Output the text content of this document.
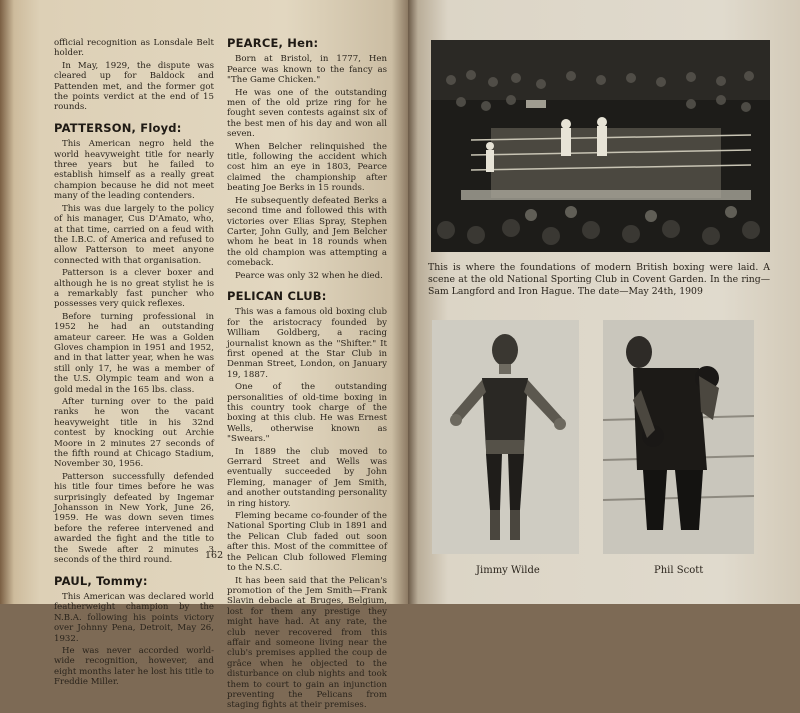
official recognition as Lonsdale Belt holder.

In May, 1929, the dispute was cleared up for Baldock and Pattenden met, and the former got the points verdict at the end of 15 rounds.

PATTERSON, Floyd:

This American negro held the world heavyweight title for nearly three years but he failed to establish himself as a really great champion because he did not meet many of the leading contenders.

This was due largely to the policy of his manager, Cus D'Amato, who, at that time, carried on a feud with the I.B.C. of America and refused to allow Patterson to meet anyone connected with that organisation.

Patterson is a clever boxer and although he is no great stylist he is a remarkably fast puncher who possesses very quick reflexes.

Before turning professional in 1952 he had an outstanding amateur career. He was a Golden Gloves champion in 1951 and 1952, and in that latter year, when he was still only 17, he was a member of the U.S. Olympic team and won a gold medal in the 165 lbs. class.

After turning over to the paid ranks he won the vacant heavyweight title in his 32nd contest by knocking out Archie Moore in 2 minutes 27 seconds of the fifth round at Chicago Stadium, November 30, 1956.

Patterson successfully defended his title four times before he was surprisingly defeated by Ingemar Johansson in New York, June 26, 1959. He was down seven times before the referee intervened and awarded the fight and the title to the Swede after 2 minutes 3 seconds of the third round.

PAUL, Tommy:

This American was declared world featherweight champion by the N.B.A. following his points victory over Johnny Pena, Detroit, May 26, 1932.

He was never accorded world-wide recognition, however, and eight months later he lost his title to Freddie Miller.

PEARCE, Hen:

Born at Bristol, in 1777, Hen Pearce was known to the fancy as "The Game Chicken."

He was one of the outstanding men of the old prize ring for he fought seven contests against six of the best men of his day and won all seven.

When Belcher relinquished the title, following the accident which cost him an eye in 1803, Pearce claimed the championship after beating Joe Berks in 15 rounds.

He subsequently defeated Berks a second time and followed this with victories over Elias Spray, Stephen Carter, John Gully, and Jem Belcher whom he beat in 18 rounds when the old champion was attempting a comeback.

Pearce was only 32 when he died.

PELICAN CLUB:

This was a famous old boxing club for the aristocracy founded by William Goldberg, a racing journalist known as the "Shifter." It first opened at the Star Club in Denman Street, London, on January 19, 1887.

One of the outstanding personalities of old-time boxing in this country took charge of the boxing at this club. He was Ernest Wells, otherwise known as "Swears."

In 1889 the club moved to Gerrard Street and Wells was eventually succeeded by John Fleming, manager of Jem Smith, and another outstanding personality in ring history.

Fleming became co-founder of the National Sporting Club in 1891 and the Pelican Club faded out soon after this. Most of the committee of the Pelican Club followed Fleming to the N.S.C.

It has been said that the Pelican's promotion of the Jem Smith—Frank Slavin debacle at Bruges, Belgium, lost for them any prestige they might have had. At any rate, the club never recovered from this affair and someone living near the club's premises applied the coup de grâce when he objected to the disturbance on club nights and took them to court to gain an injunction preventing the Pelicans from staging fights at their premises.

162
This is where the foundations of modern British boxing were laid. A scene at the old National Sporting Club in Covent Garden. In the ring—Sam Langford and Iron Hague. The date—May 24th, 1909
Jimmy Wilde	Phil Scott
